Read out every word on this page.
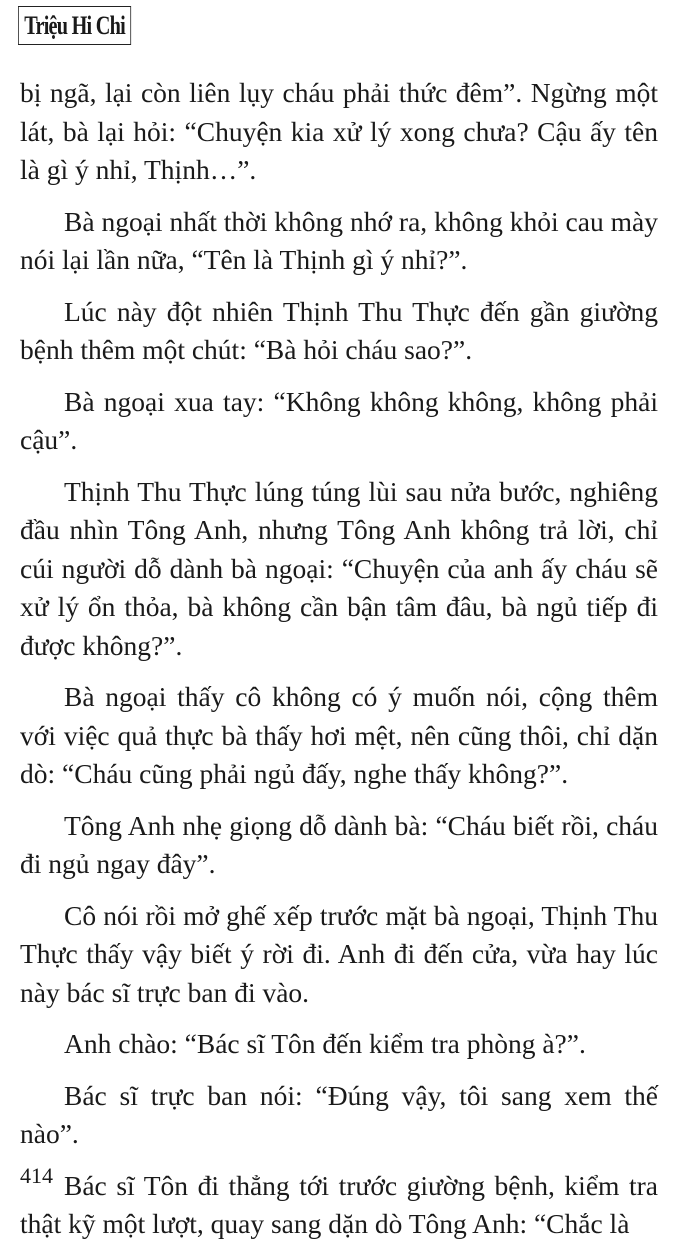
Triệu Hi Chi

bị ngã, lại còn liên lụy cháu phải thức đêm”. Ngừng một lát, bà lại hỏi: “Chuyện kia xử lý xong chưa? Cậu ấy tên là gì ý nhỉ, Thịnh…”.

Bà ngoại nhất thời không nhớ ra, không khỏi cau mày nói lại lần nữa, “Tên là Thịnh gì ý nhỉ?”.

Lúc này đột nhiên Thịnh Thu Thực đến gần giường bệnh thêm một chút: “Bà hỏi cháu sao?”.

Bà ngoại xua tay: “Không không không, không phải cậu”.

Thịnh Thu Thực lúng túng lùi sau nửa bước, nghiêng đầu nhìn Tông Anh, nhưng Tông Anh không trả lời, chỉ cúi người dỗ dành bà ngoại: “Chuyện của anh ấy cháu sẽ xử lý ổn thỏa, bà không cần bận tâm đâu, bà ngủ tiếp đi được không?”.

Bà ngoại thấy cô không có ý muốn nói, cộng thêm với việc quả thực bà thấy hơi mệt, nên cũng thôi, chỉ dặn dò: “Cháu cũng phải ngủ đấy, nghe thấy không?”.

Tông Anh nhẹ giọng dỗ dành bà: “Cháu biết rồi, cháu đi ngủ ngay đây”.

Cô nói rồi mở ghế xếp trước mặt bà ngoại, Thịnh Thu Thực thấy vậy biết ý rời đi. Anh đi đến cửa, vừa hay lúc này bác sĩ trực ban đi vào.

Anh chào: “Bác sĩ Tôn đến kiểm tra phòng à?”.

Bác sĩ trực ban nói: “Đúng vậy, tôi sang xem thế nào”.

Bác sĩ Tôn đi thẳng tới trước giường bệnh, kiểm tra thật kỹ một lượt, quay sang dặn dò Tông Anh: “Chắc là

414
